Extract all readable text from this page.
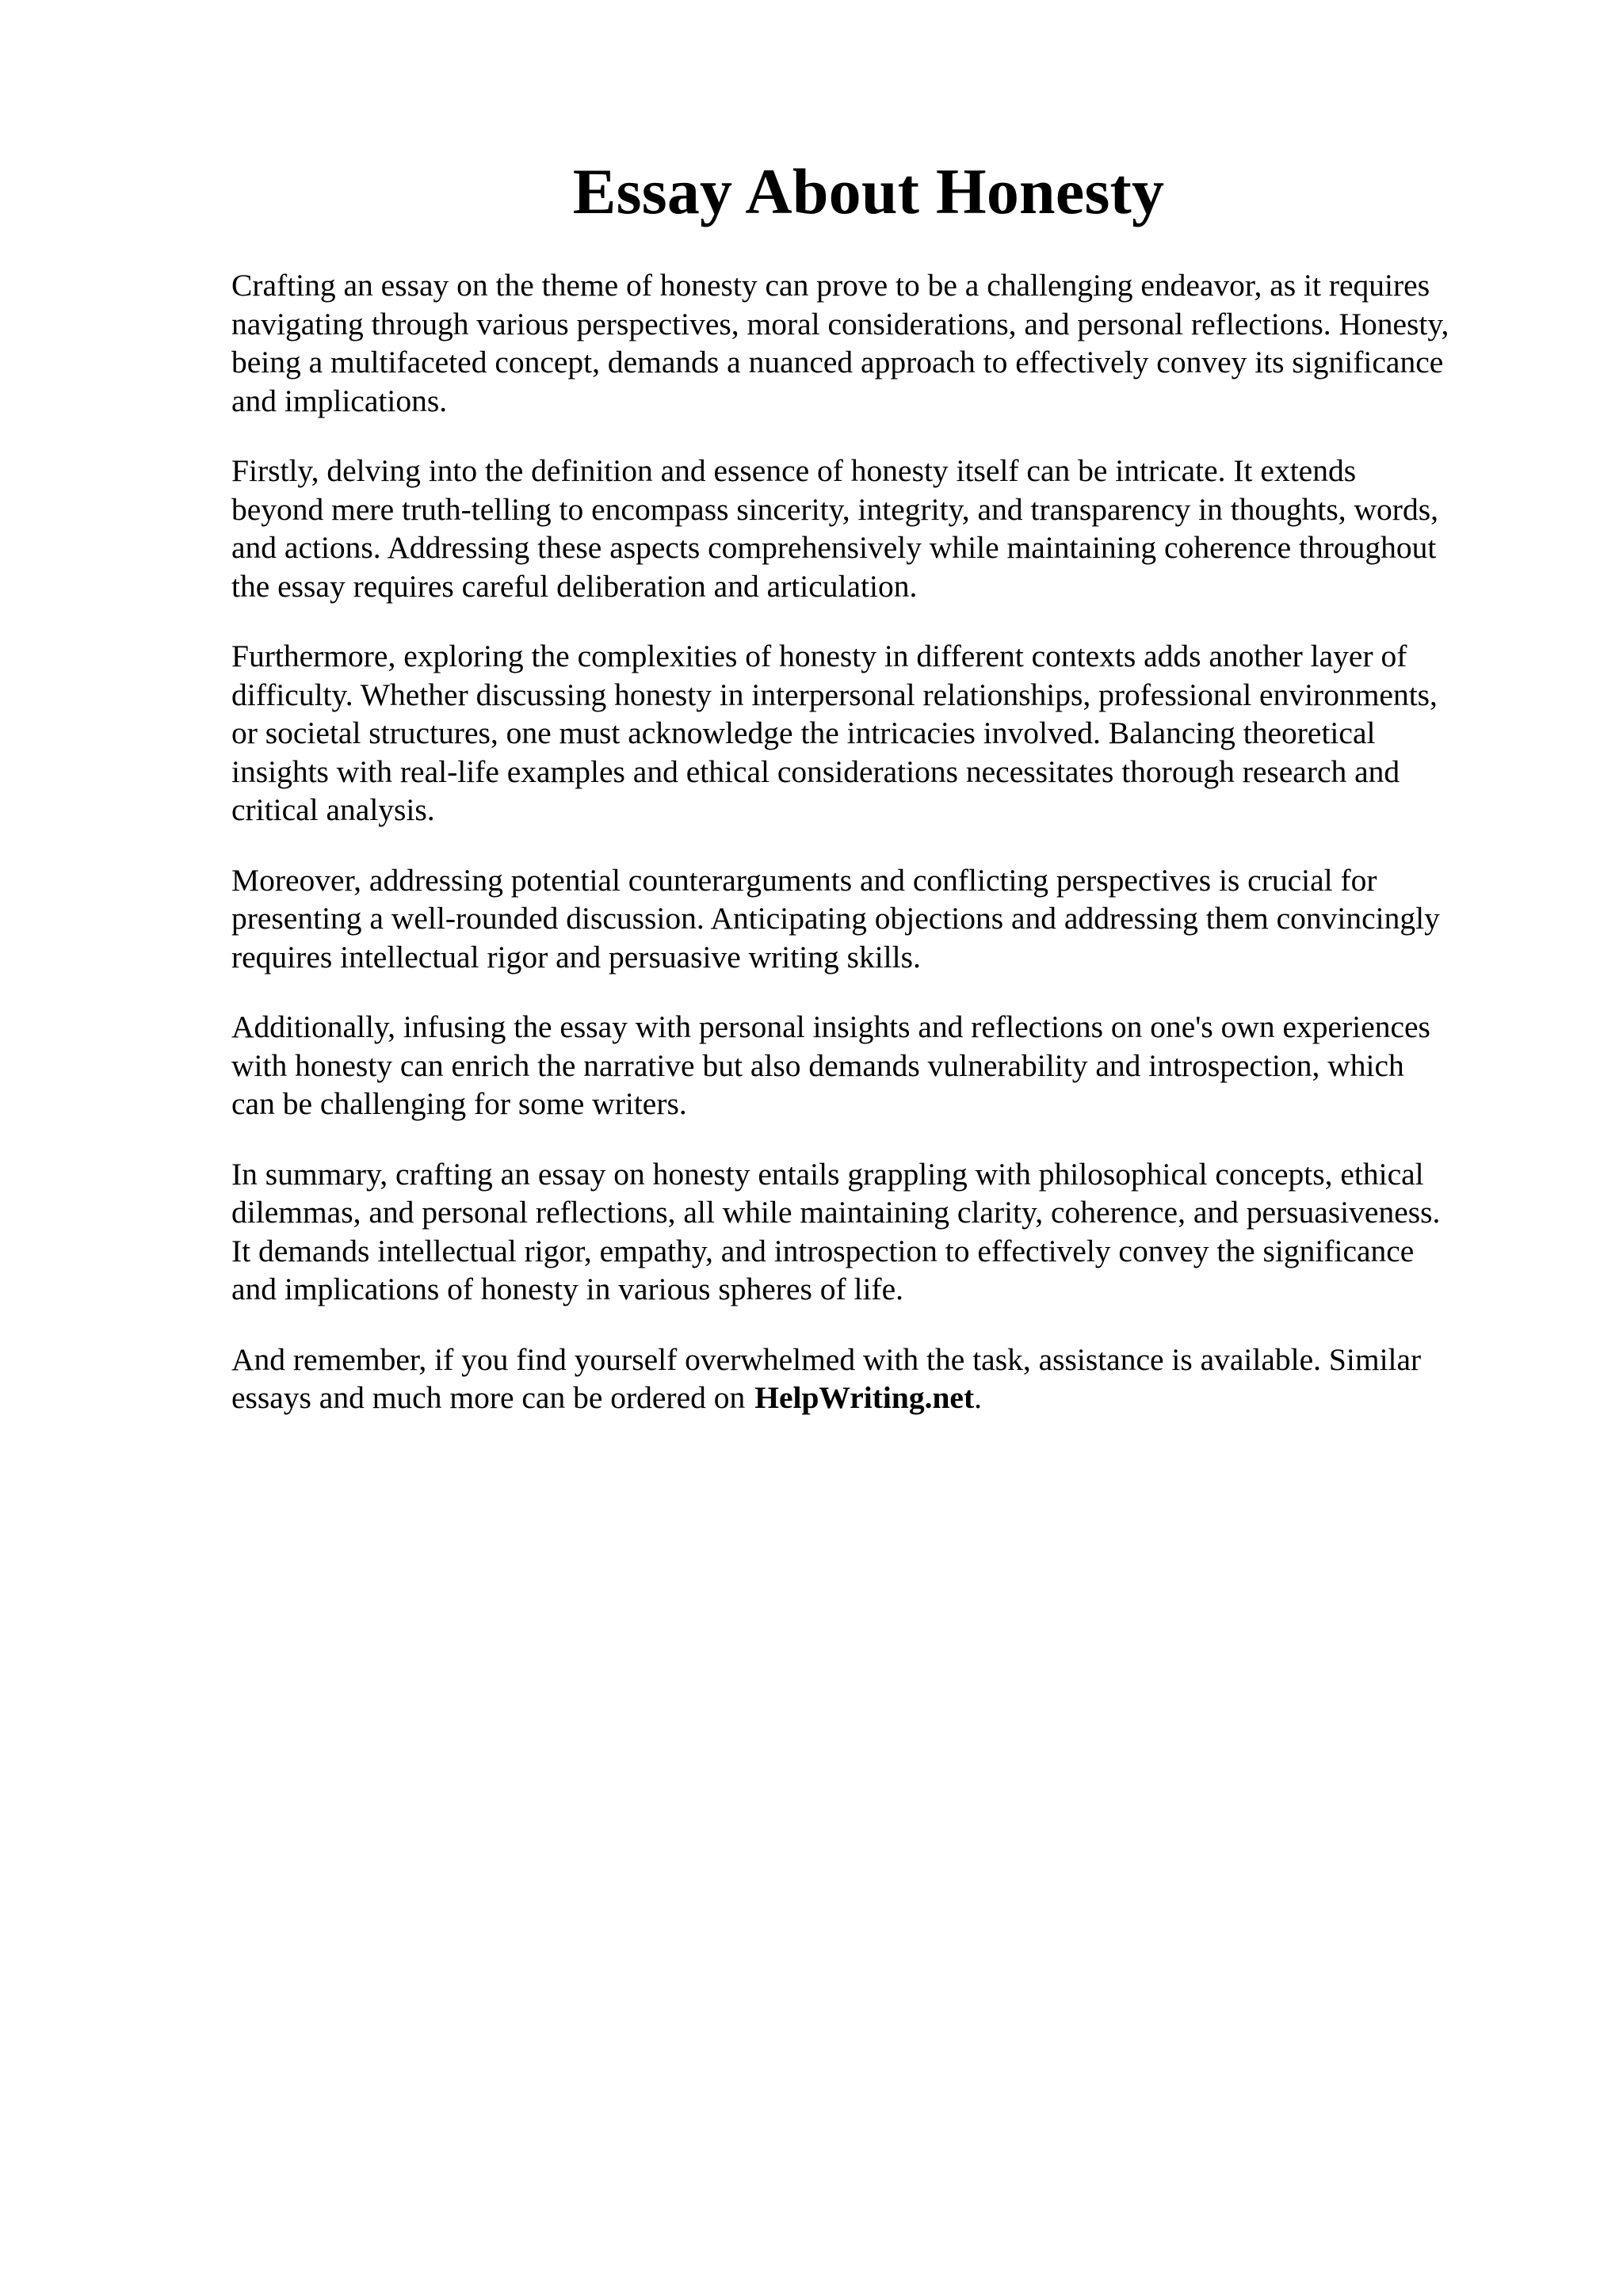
Essay About Honesty

Crafting an essay on the theme of honesty can prove to be a challenging endeavor, as it requires
navigating through various perspectives, moral considerations, and personal reflections. Honesty,
being a multifaceted concept, demands a nuanced approach to effectively convey its significance
and implications.

Firstly, delving into the definition and essence of honesty itself can be intricate. It extends
beyond mere truth-telling to encompass sincerity, integrity, and transparency in thoughts, words,
and actions. Addressing these aspects comprehensively while maintaining coherence throughout
the essay requires careful deliberation and articulation.

Furthermore, exploring the complexities of honesty in different contexts adds another layer of
difficulty. Whether discussing honesty in interpersonal relationships, professional environments,
or societal structures, one must acknowledge the intricacies involved. Balancing theoretical
insights with real-life examples and ethical considerations necessitates thorough research and
critical analysis.

Moreover, addressing potential counterarguments and conflicting perspectives is crucial for
presenting a well-rounded discussion. Anticipating objections and addressing them convincingly
requires intellectual rigor and persuasive writing skills.

Additionally, infusing the essay with personal insights and reflections on one's own experiences
with honesty can enrich the narrative but also demands vulnerability and introspection, which
can be challenging for some writers.

In summary, crafting an essay on honesty entails grappling with philosophical concepts, ethical
dilemmas, and personal reflections, all while maintaining clarity, coherence, and persuasiveness.
It demands intellectual rigor, empathy, and introspection to effectively convey the significance
and implications of honesty in various spheres of life.

And remember, if you find yourself overwhelmed with the task, assistance is available. Similar
essays and much more can be ordered on HelpWriting.net.
